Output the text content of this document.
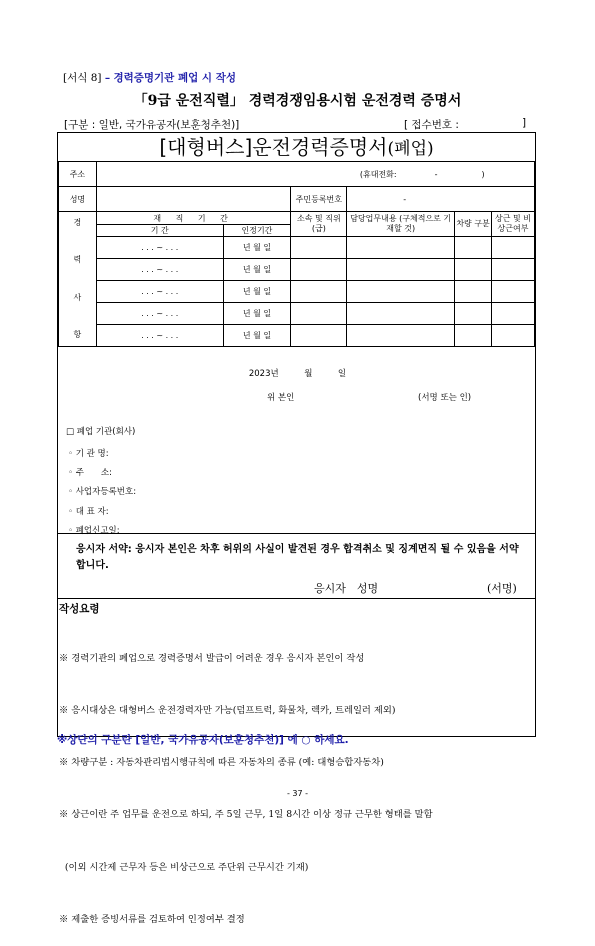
[서식 8] – 경력증명기관 폐업 시 작성
「9급 운전직렬」 경력경쟁임용시험 운전경력 증명서
[구분 : 일반, 국가유공자(보훈청추천)]	[ 접수번호 :	]
[대형버스]운전경력증명서(폐업)
주소	(휴대전화: - )					
성명			주민등록번호	-		

경
력
사
항	재 직 기 간		소속 및 직위(급)	담당업무내용 (구체적으로 기재할 것)	차량 구분	상근 및 비상근여부
	기 간	인정기간				
	. . . ~ . . .	년 월 일				
	. . . ~ . . .	년 월 일				
	. . . ~ . . .	년 월 일				
	. . . ~ . . .	년 월 일				
	. . . ~ . . .	년 월 일				
2023년　　　월　　　일
위 본인	(서명 또는 인)
□ 폐업 기관(회사)
◦ 기 관 명:
◦ 주　　소:
◦ 사업자등록번호:
◦ 대 표 자:
◦ 폐업신고일:
응시자 서약: 응시자 본인은 차후 허위의 사실이 발견된 경우 합격취소 및 징계면직 될 수 있음을 서약 합니다.
응시자　성명	(서명)
작성요령

※ 경력기관의 폐업으로 경력증명서 발급이 어려운 경우 응시자 본인이 작성

※ 응시대상은 대형버스 운전경력자만 가능(덤프트럭, 화물차, 렉카, 트레일러 제외)

※ 차량구분 : 자동차관리법시행규칙에 따른 자동차의 종류 (예: 대형승합자동차)

※ 상근이란 주 업무를 운전으로 하되, 주 5일 근무, 1일 8시간 이상 정규 근무한 형태를 말함

(이외 시간제 근무자 등은 비상근으로 주단위 근무시간 기재)

※ 제출한 증빙서류를 검토하여 인정여부 결정

※상단의 구분란 [일반, 국가유공자(보훈청추천)] 에 ○ 하세요.
- 37 -
